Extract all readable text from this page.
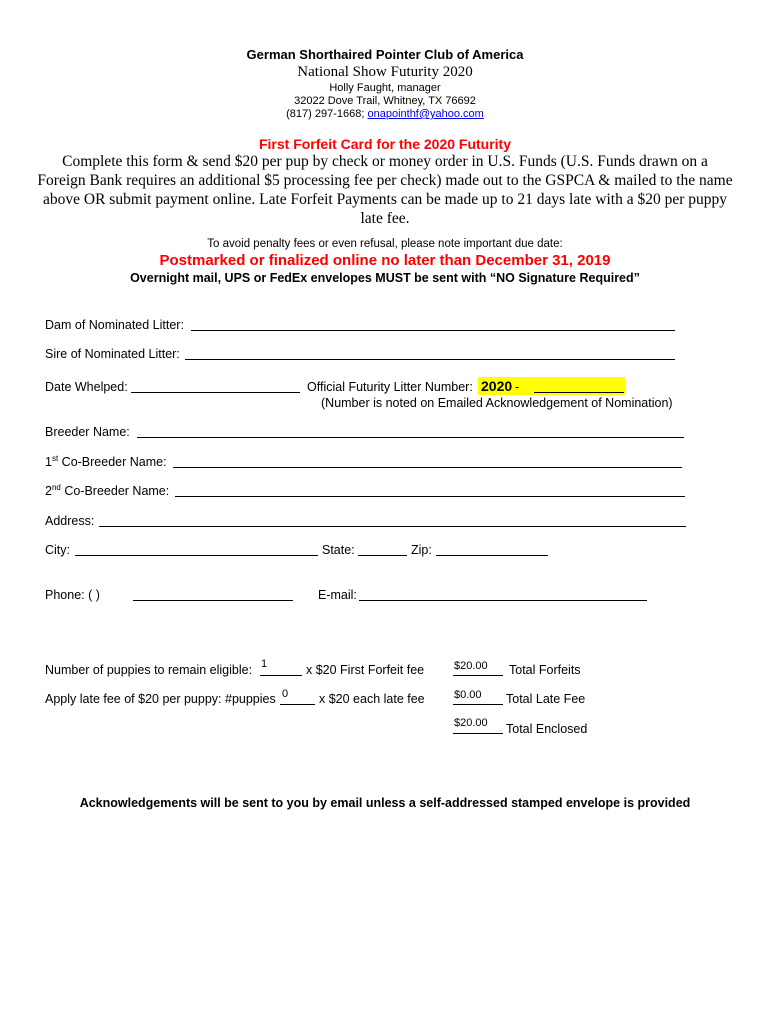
German Shorthaired Pointer Club of America
National Show Futurity 2020
Holly Faught, manager
32022 Dove Trail, Whitney, TX 76692
(817) 297-1668; onapointhf@yahoo.com
First Forfeit Card for the 2020 Futurity
Complete this form & send $20 per pup by check or money order in U.S. Funds (U.S. Funds drawn on a
Foreign Bank requires an additional $5 processing fee per check) made out to the GSPCA & mailed to the name
above OR submit payment online. Late Forfeit Payments can be made up to 21 days late with a $20 per puppy
late fee.
To avoid penalty fees or even refusal, please note important due date:
Postmarked or finalized online no later than December 31, 2019
Overnight mail, UPS or FedEx envelopes MUST be sent with “NO Signature Required”
Dam of Nominated Litter:
Sire of Nominated Litter:
Date Whelped:	Official Futurity Litter Number: 2020 -
(Number is noted on Emailed Acknowledgement of Nomination)
Breeder Name:
1st Co-Breeder Name:
2nd Co-Breeder Name:
Address:
City:	State:	Zip:
Phone: ( )	E-mail:
Number of puppies to remain eligible: 1	x $20 First Forfeit fee	$20.00 Total Forfeits
Apply late fee of $20 per puppy: #puppies 0 x $20 each late fee	$0.00 Total Late Fee
$20.00 Total Enclosed
Acknowledgements will be sent to you by email unless a self-addressed stamped envelope is provided
